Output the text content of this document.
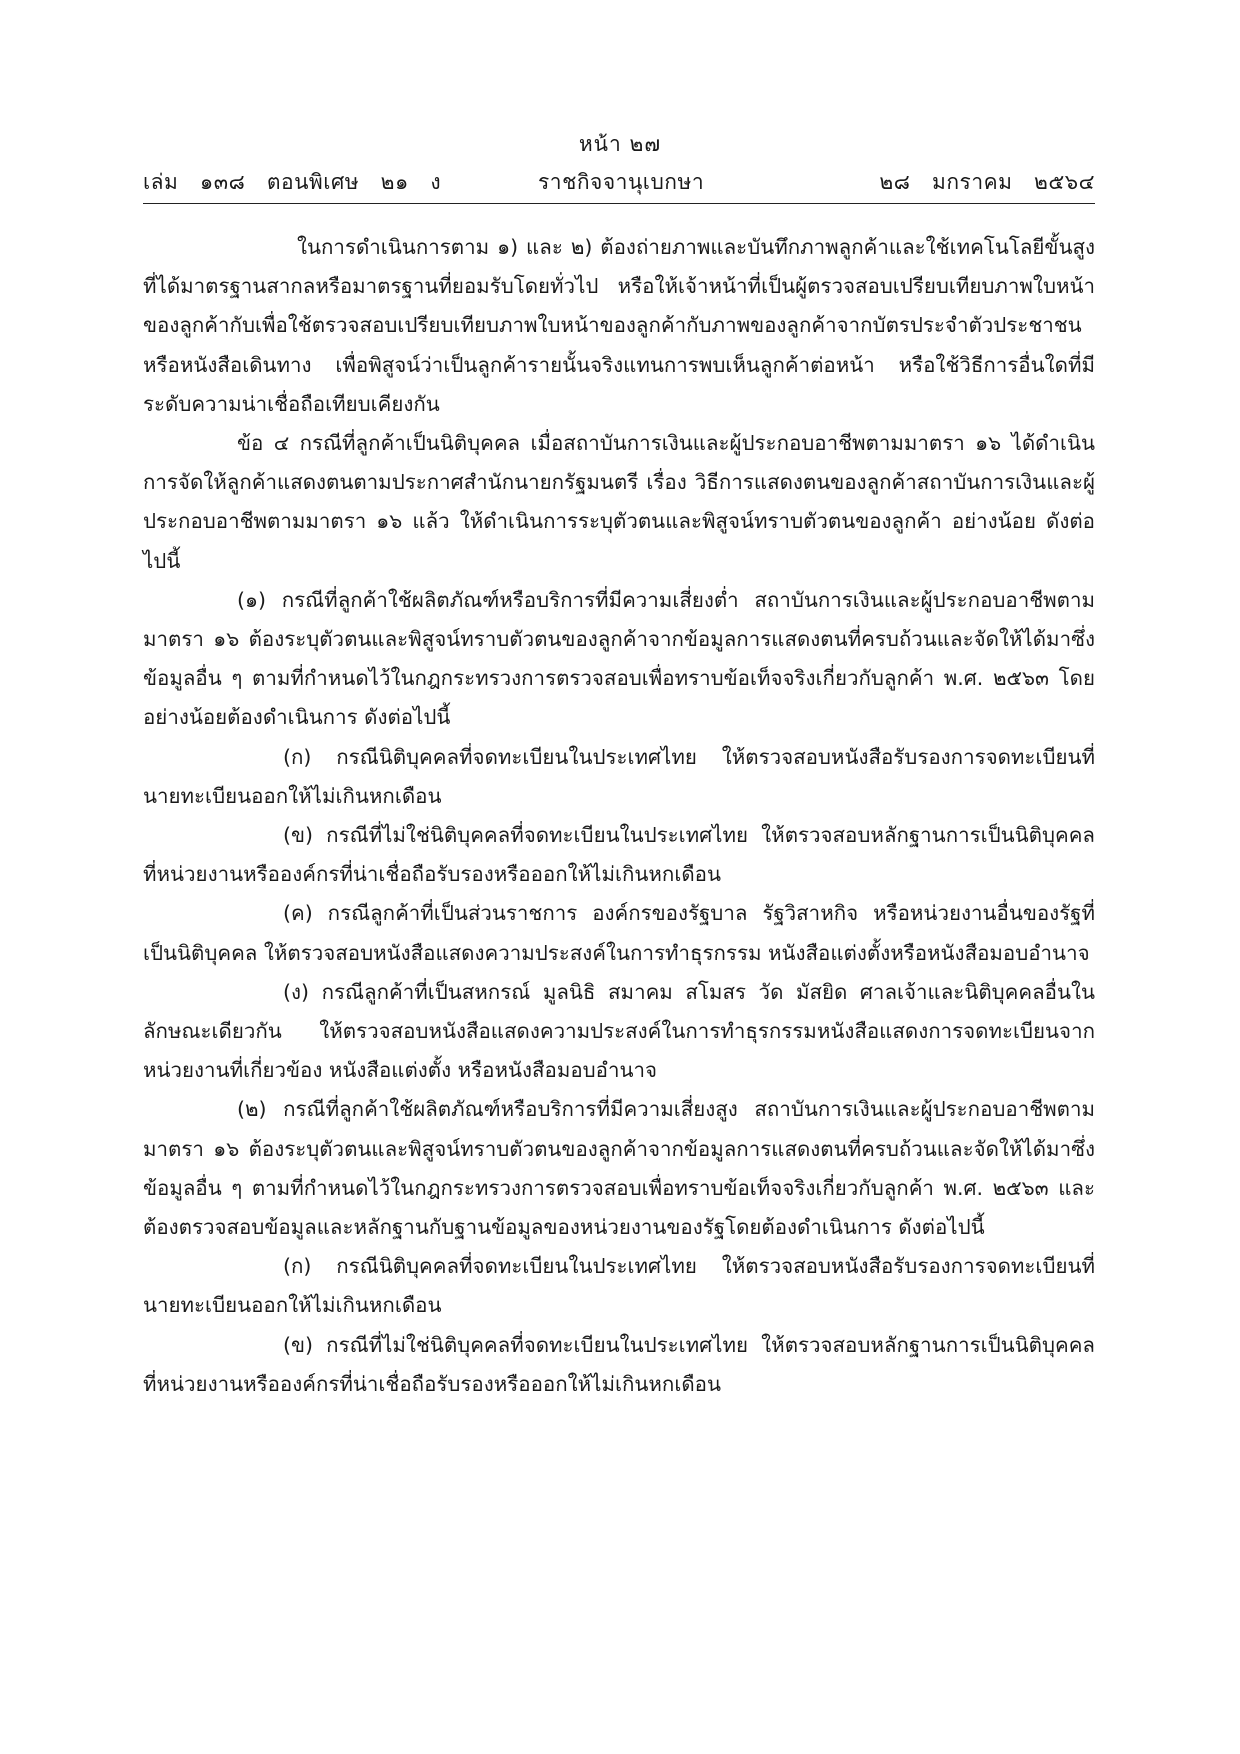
หน้า ๒๗
เล่ม   ๑๓๘   ตอนพิเศษ   ๒๑   ง	ราชกิจจานุเบกษา	๒๘   มกราคม   ๒๕๖๔

ในการดำเนินการตาม ๑) และ ๒) ต้องถ่ายภาพและบันทึกภาพลูกค้าและใช้เทคโนโลยีขั้นสูงที่ได้มาตรฐานสากลหรือมาตรฐานที่ยอมรับโดยทั่วไป หรือให้เจ้าหน้าที่เป็นผู้ตรวจสอบเปรียบเทียบภาพใบหน้าของลูกค้ากับเพื่อใช้ตรวจสอบเปรียบเทียบภาพใบหน้าของลูกค้ากับภาพของลูกค้าจากบัตรประจำตัวประชาชนหรือหนังสือเดินทาง เพื่อพิสูจน์ว่าเป็นลูกค้ารายนั้นจริงแทนการพบเห็นลูกค้าต่อหน้า หรือใช้วิธีการอื่นใดที่มีระดับความน่าเชื่อถือเทียบเคียงกัน

ข้อ ๔ กรณีที่ลูกค้าเป็นนิติบุคคล เมื่อสถาบันการเงินและผู้ประกอบอาชีพตามมาตรา ๑๖ ได้ดำเนินการจัดให้ลูกค้าแสดงตนตามประกาศสำนักนายกรัฐมนตรี เรื่อง วิธีการแสดงตนของลูกค้าสถาบันการเงินและผู้ประกอบอาชีพตามมาตรา ๑๖ แล้ว ให้ดำเนินการระบุตัวตนและพิสูจน์ทราบตัวตนของลูกค้า อย่างน้อย ดังต่อไปนี้

(๑) กรณีที่ลูกค้าใช้ผลิตภัณฑ์หรือบริการที่มีความเสี่ยงต่ำ สถาบันการเงินและผู้ประกอบอาชีพตามมาตรา ๑๖ ต้องระบุตัวตนและพิสูจน์ทราบตัวตนของลูกค้าจากข้อมูลการแสดงตนที่ครบถ้วนและจัดให้ได้มาซึ่งข้อมูลอื่น ๆ ตามที่กำหนดไว้ในกฎกระทรวงการตรวจสอบเพื่อทราบข้อเท็จจริงเกี่ยวกับลูกค้า พ.ศ. ๒๕๖๓ โดยอย่างน้อยต้องดำเนินการ ดังต่อไปนี้

(ก) กรณีนิติบุคคลที่จดทะเบียนในประเทศไทย ให้ตรวจสอบหนังสือรับรองการจดทะเบียนที่นายทะเบียนออกให้ไม่เกินหกเดือน

(ข) กรณีที่ไม่ใช่นิติบุคคลที่จดทะเบียนในประเทศไทย ให้ตรวจสอบหลักฐานการเป็นนิติบุคคลที่หน่วยงานหรือองค์กรที่น่าเชื่อถือรับรองหรือออกให้ไม่เกินหกเดือน

(ค) กรณีลูกค้าที่เป็นส่วนราชการ องค์กรของรัฐบาล รัฐวิสาหกิจ หรือหน่วยงานอื่นของรัฐที่เป็นนิติบุคคล ให้ตรวจสอบหนังสือแสดงความประสงค์ในการทำธุรกรรม หนังสือแต่งตั้งหรือหนังสือมอบอำนาจ

(ง) กรณีลูกค้าที่เป็นสหกรณ์ มูลนิธิ สมาคม สโมสร วัด มัสยิด ศาลเจ้าและนิติบุคคลอื่นในลักษณะเดียวกัน ให้ตรวจสอบหนังสือแสดงความประสงค์ในการทำธุรกรรมหนังสือแสดงการจดทะเบียนจากหน่วยงานที่เกี่ยวข้อง หนังสือแต่งตั้ง หรือหนังสือมอบอำนาจ

(๒) กรณีที่ลูกค้าใช้ผลิตภัณฑ์หรือบริการที่มีความเสี่ยงสูง สถาบันการเงินและผู้ประกอบอาชีพตามมาตรา ๑๖ ต้องระบุตัวตนและพิสูจน์ทราบตัวตนของลูกค้าจากข้อมูลการแสดงตนที่ครบถ้วนและจัดให้ได้มาซึ่งข้อมูลอื่น ๆ ตามที่กำหนดไว้ในกฎกระทรวงการตรวจสอบเพื่อทราบข้อเท็จจริงเกี่ยวกับลูกค้า พ.ศ. ๒๕๖๓ และต้องตรวจสอบข้อมูลและหลักฐานกับฐานข้อมูลของหน่วยงานของรัฐโดยต้องดำเนินการ ดังต่อไปนี้

(ก) กรณีนิติบุคคลที่จดทะเบียนในประเทศไทย ให้ตรวจสอบหนังสือรับรองการจดทะเบียนที่นายทะเบียนออกให้ไม่เกินหกเดือน

(ข) กรณีที่ไม่ใช่นิติบุคคลที่จดทะเบียนในประเทศไทย ให้ตรวจสอบหลักฐานการเป็นนิติบุคคลที่หน่วยงานหรือองค์กรที่น่าเชื่อถือรับรองหรือออกให้ไม่เกินหกเดือน
